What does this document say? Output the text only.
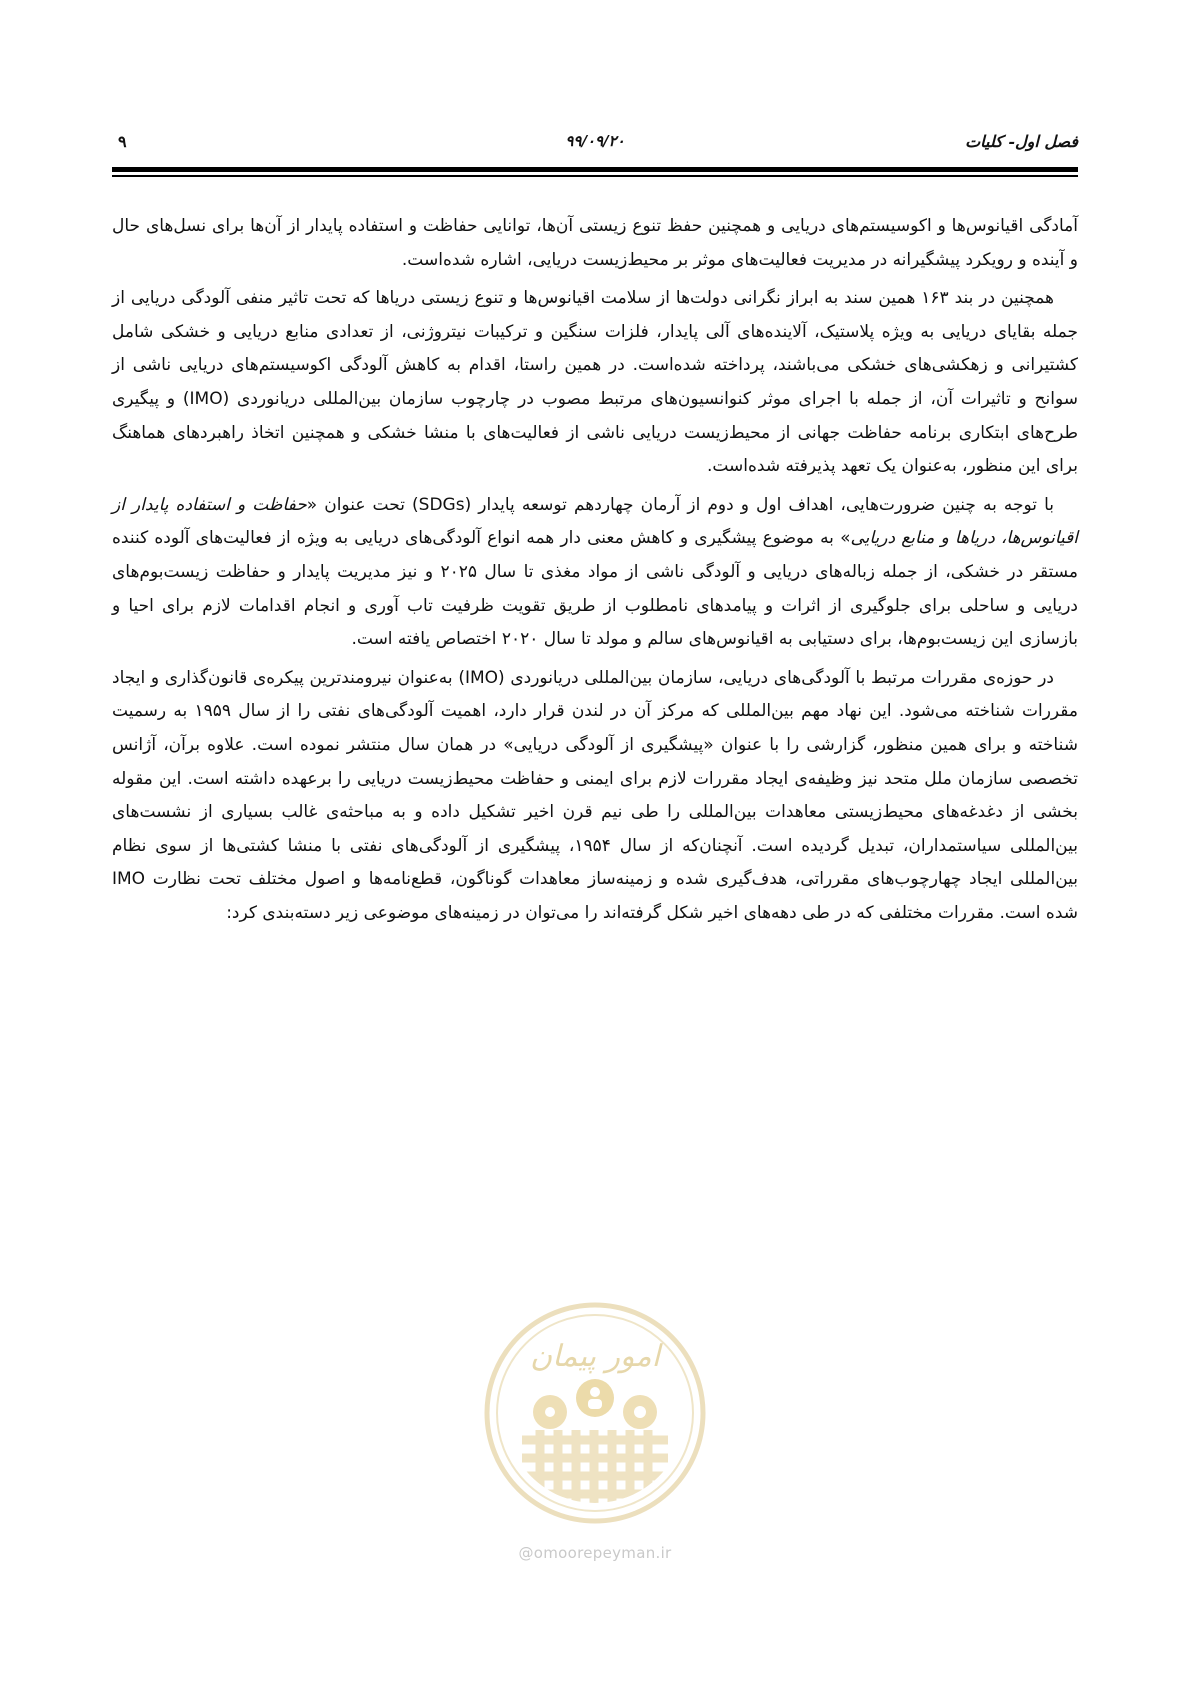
فصل اول- کلیات
۹۹/۰۹/۲۰
۹

آمادگی اقیانوس‌ها و اکوسیستم‌های دریایی و همچنین حفظ تنوع زیستی آن‌ها، توانایی حفاظت و استفاده پایدار از آن‌ها برای نسل‌های حال و آینده و رویکرد پیشگیرانه در مدیریت فعالیت‌های موثر بر محیط‌زیست دریایی، اشاره شده‌است.

همچنین در بند ۱۶۳ همین سند به ابراز نگرانی دولت‌ها از سلامت اقیانوس‌ها و تنوع زیستی دریاها که تحت تاثیر منفی آلودگی دریایی از جمله بقایای دریایی به ویژه پلاستیک، آلاینده‌های آلی پایدار، فلزات سنگین و ترکیبات نیتروژنی، از تعدادی منابع دریایی و خشکی شامل کشتیرانی و زهکشی‌های خشکی می‌باشند، پرداخته شده‌است. در همین راستا، اقدام به کاهش آلودگی اکوسیستم‌های دریایی ناشی از سوانح و تاثیرات آن، از جمله با اجرای موثر کنوانسیون‌های مرتبط مصوب در چارچوب سازمان بین‌المللی دریانوردی (IMO) و پیگیری طرح‌های ابتکاری برنامه حفاظت جهانی از محیط‌زیست دریایی ناشی از فعالیت‌های با منشا خشکی و همچنین اتخاذ راهبردهای هماهنگ برای این منظور، به‌عنوان یک تعهد پذیرفته شده‌است.

با توجه به چنین ضرورت‌هایی، اهداف اول و دوم از آرمان چهاردهم توسعه پایدار (SDGs) تحت عنوان «حفاظت و استفاده پایدار از اقیانوس‌ها، دریاها و منابع دریایی» به موضوع پیشگیری و کاهش معنی دار همه انواع آلودگی‌های دریایی به ویژه از فعالیت‌های آلوده کننده مستقر در خشکی، از جمله زباله‌های دریایی و آلودگی ناشی از مواد مغذی تا سال ۲۰۲۵ و نیز مدیریت پایدار و حفاظت زیست‌بوم‌های دریایی و ساحلی برای جلوگیری از اثرات و پیامدهای نامطلوب از طریق تقویت ظرفیت تاب آوری و انجام اقدامات لازم برای احیا و بازسازی این زیست‌بوم‌ها، برای دستیابی به اقیانوس‌های سالم و مولد تا سال ۲۰۲۰ اختصاص یافته است.

در حوزه‌ی مقررات مرتبط با آلودگی‌های دریایی، سازمان بین‌المللی دریانوردی (IMO) به‌عنوان نیرومندترین پیکره‌ی قانون‌گذاری و ایجاد مقررات شناخته می‌شود. این نهاد مهم بین‌المللی که مرکز آن در لندن قرار دارد، اهمیت آلودگی‌های نفتی را از سال ۱۹۵۹ به رسمیت شناخته و برای همین منظور، گزارشی را با عنوان «پیشگیری از آلودگی دریایی» در همان سال منتشر نموده است. علاوه برآن، آژانس تخصصی سازمان ملل متحد نیز وظیفه‌ی ایجاد مقررات لازم برای ایمنی و حفاظت محیط‌زیست دریایی را برعهده داشته است. این مقوله بخشی از دغدغه‌های محیط‌زیستی معاهدات بین‌المللی را طی نیم قرن اخیر تشکیل داده و به مباحثه‌ی غالب بسیاری از نشست‌های بین‌المللی سیاستمداران، تبدیل گردیده است. آنچنان‌که از سال ۱۹۵۴، پیشگیری از آلودگی‌های نفتی با منشا کشتی‌ها از سوی نظام بین‌المللی ایجاد چهارچوب‌های مقرراتی، هدف‌گیری شده و زمینه‌ساز معاهدات گوناگون، قطع‌نامه‌ها و اصول مختلف تحت نظارت IMO شده است. مقررات مختلفی که در طی دهه‌های اخیر شکل گرفته‌اند را می‌توان در زمینه‌های موضوعی زیر دسته‌بندی کرد:

امور پیمان
@omoorepeyman.ir
